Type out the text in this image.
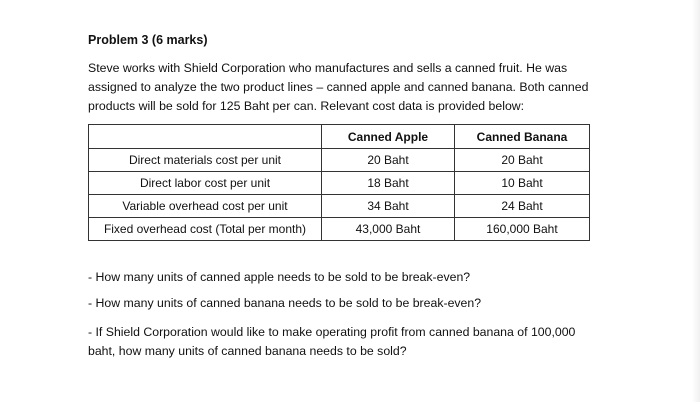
Problem 3 (6 marks)
Steve works with Shield Corporation who manufactures and sells a canned fruit. He was
assigned to analyze the two product lines – canned apple and canned banana. Both canned
products will be sold for 125 Baht per can. Relevant cost data is provided below:
	Canned Apple	Canned Banana
Direct materials cost per unit	20 Baht	20 Baht
Direct labor cost per unit	18 Baht	10 Baht
Variable overhead cost per unit	34 Baht	24 Baht
Fixed overhead cost (Total per month)	43,000 Baht	160,000 Baht
- How many units of canned apple needs to be sold to be break-even?
- How many units of canned banana needs to be sold to be break-even?
- If Shield Corporation would like to make operating profit from canned banana of 100,000
baht, how many units of canned banana needs to be sold?
